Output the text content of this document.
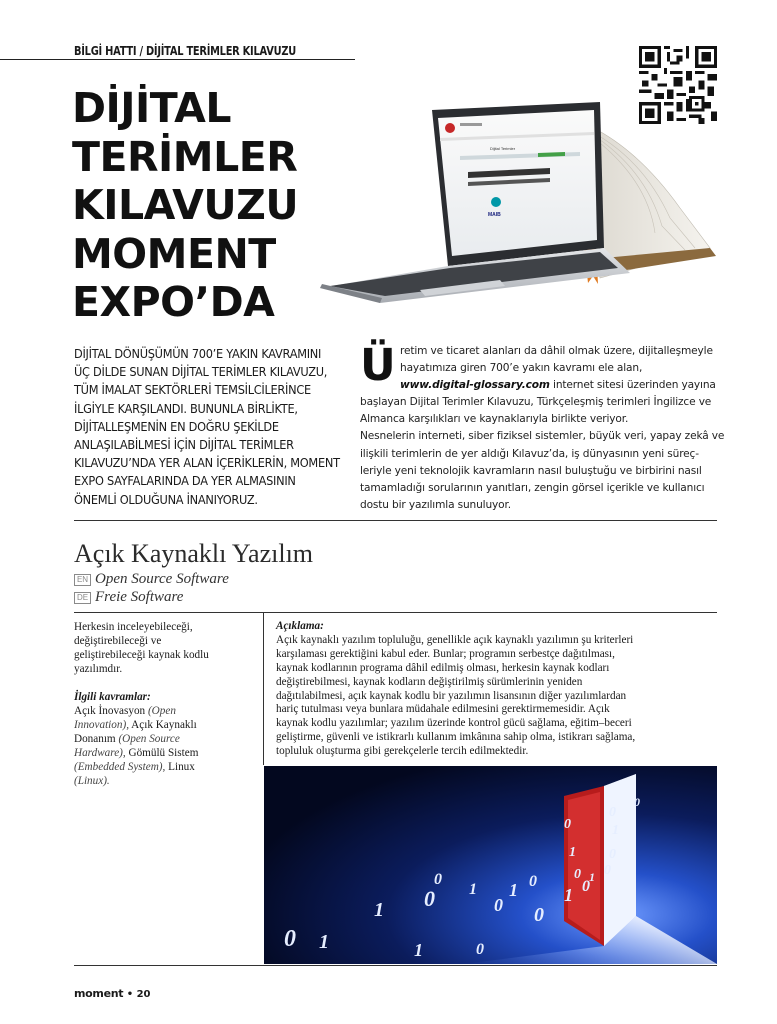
BİLGİ HATTI / DİJİTAL TERİMLER KILAVUZU
DİJİTAL
TERİMLER
KILAVUZU
MOMENT
EXPO’DA
Dijital Terimler
MAIB
DİJİTAL DÖNÜŞÜMÜN 700’E YAKIN KAVRAMINI
ÜÇ DİLDE SUNAN DİJİTAL TERİMLER KILAVUZU,
TÜM İMALAT SEKTÖRLERİ TEMSİLCİLERİNCE
İLGİYLE KARŞILANDI. BUNUNLA BİRLİKTE,
DİJİTALLEŞMENİN EN DOĞRU ŞEKİLDE
ANLAŞILABİLMESİ İÇİN DİJİTAL TERİMLER
KILAVUZU’NDA YER ALAN İÇERİKLERİN, MOMENT
EXPO SAYFALARINDA DA YER ALMASININ
ÖNEMLİ OLDUĞUNA İNANIYORUZ.
Ü retim ve ticaret alanları da dâhil olmak üzere, dijitalleşmeyle
hayatımıza giren 700’e yakın kavramı ele alan,
www.digital-glossary.com internet sitesi üzerinden yayına
başlayan Dijital Terimler Kılavuzu, Türkçeleşmiş terimleri İngilizce ve
Almanca karşılıkları ve kaynaklarıyla birlikte veriyor.
Nesnelerin interneti, siber fiziksel sistemler, büyük veri, yapay zekâ ve
ilişkili terimlerin de yer aldığı Kılavuz’da, iş dünyasının yeni süreç-
leriyle yeni teknolojik kavramların nasıl buluştuğu ve birbirini nasıl
tamamladığı sorularının yanıtları, zengin görsel içerikle ve kullanıcı
dostu bir yazılımla sunuluyor.
Açık Kaynaklı Yazılım
EN Open Source Software
DE Freie Software
Herkesin inceleyebileceği,
değiştirebileceği ve
geliştirebileceği kaynak kodlu
yazılımdır.
İlgili kavramlar:
Açık İnovasyon (Open
Innovation), Açık Kaynaklı
Donanım (Open Source
Hardware), Gömülü Sistem
(Embedded System), Linux
(Linux).
Açıklama:
Açık kaynaklı yazılım topluluğu, genellikle açık kaynaklı yazılımın şu kriterleri
karşılaması gerektiğini kabul eder. Bunlar; programın serbestçe dağıtılması,
kaynak kodlarının programa dâhil edilmiş olması, herkesin kaynak kodları
değiştirebilmesi, kaynak kodların değiştirilmiş sürümlerinin yeniden
dağıtılabilmesi, açık kaynak kodlu bir yazılımın lisansının diğer yazılımlardan
hariç tutulması veya bunlara müdahale edilmesini gerektirmemesidir. Açık
kaynak kodlu yazılımlar; yazılım üzerinde kontrol gücü sağlama, eğitim–beceri
geliştirme, güvenli ve istikrarlı kullanım imkânına sahip olma, istikrarı sağlama,
topluluk oluşturma gibi gerekçelerle tercih edilmektedir.
0 1
1 0
0
1
0
1 0
0
1 0
1
0
0
1
0
0
1
0
0
1	0
moment • 20
